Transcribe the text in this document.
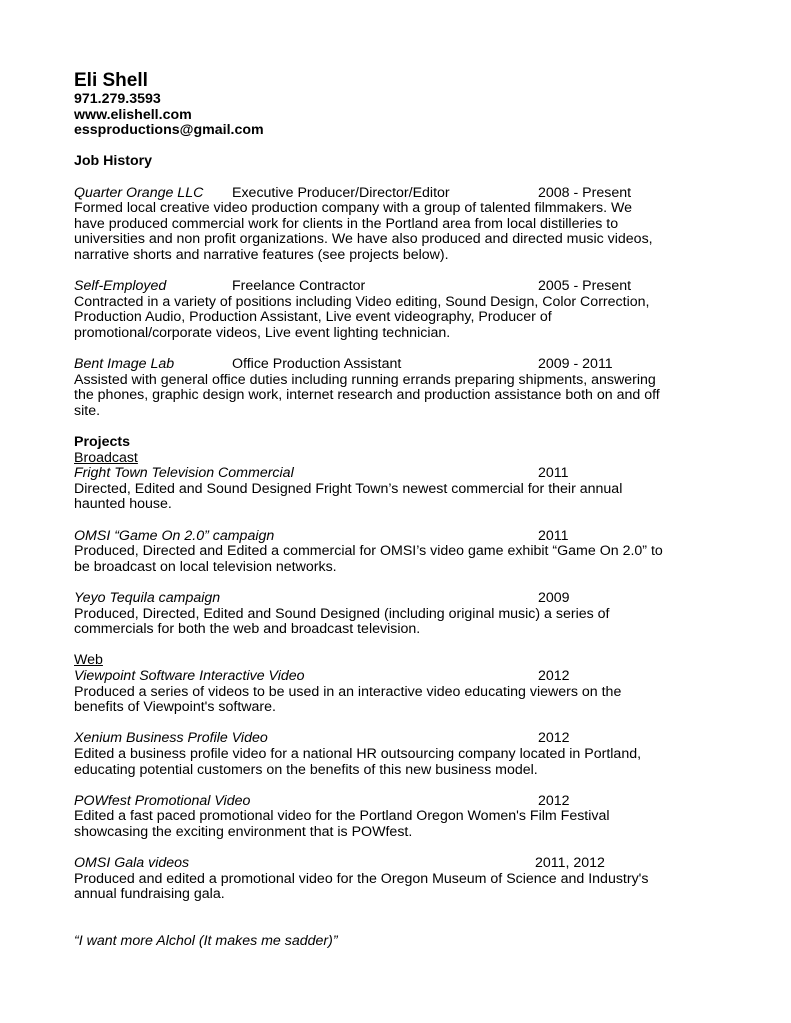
Eli Shell
971.279.3593
www.elishell.com
essproductions@gmail.com
Job History
Quarter Orange LLC Executive Producer/Director/Editor	2008 - Present
Formed local creative video production company with a group of talented filmmakers. We
have produced commercial work for clients in the Portland area from local distilleries to
universities and non profit organizations. We have also produced and directed music videos,
narrative shorts and narrative features (see projects below).
Self-Employed	Freelance Contractor	2005 - Present
Contracted in a variety of positions including Video editing, Sound Design, Color Correction,
Production Audio, Production Assistant, Live event videography, Producer of
promotional/corporate videos, Live event lighting technician.
Bent Image Lab	Office Production Assistant	2009 - 2011
Assisted with general office duties including running errands preparing shipments, answering
the phones, graphic design work, internet research and production assistance both on and off
site.
Projects
Broadcast
Fright Town Television Commercial	2011
Directed, Edited and Sound Designed Fright Town’s newest commercial for their annual
haunted house.
OMSI “Game On 2.0” campaign	2011
Produced, Directed and Edited a commercial for OMSI’s video game exhibit “Game On 2.0” to
be broadcast on local television networks.
Yeyo Tequila campaign	2009
Produced, Directed, Edited and Sound Designed (including original music) a series of
commercials for both the web and broadcast television.
Web
Viewpoint Software Interactive Video	2012
Produced a series of videos to be used in an interactive video educating viewers on the
benefits of Viewpoint's software.
Xenium Business Profile Video	2012
Edited a business profile video for a national HR outsourcing company located in Portland,
educating potential customers on the benefits of this new business model.
POWfest Promotional Video	2012
Edited a fast paced promotional video for the Portland Oregon Women's Film Festival
showcasing the exciting environment that is POWfest.
OMSI Gala videos	2011, 2012
Produced and edited a promotional video for the Oregon Museum of Science and Industry's
annual fundraising gala.
“I want more Alchol (It makes me sadder)”
